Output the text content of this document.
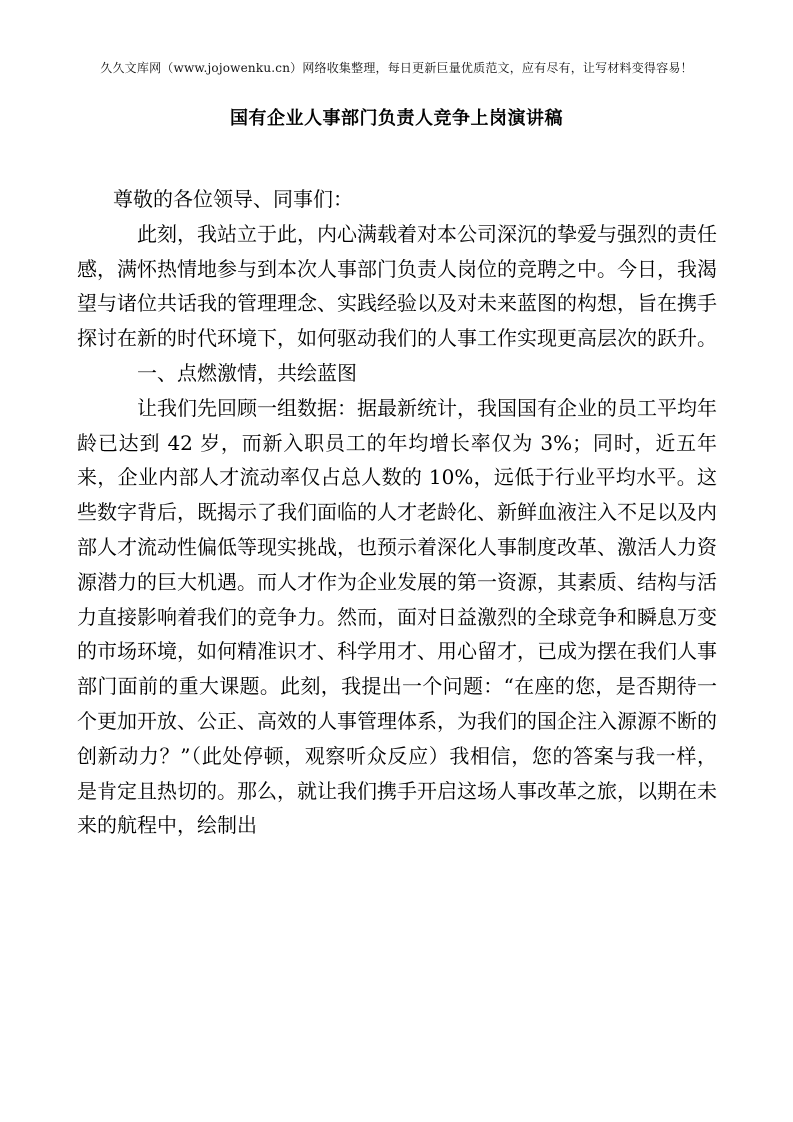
久久文库网（www.jojowenku.cn）网络收集整理，每日更新巨量优质范文，应有尽有，让写材料变得容易！
国有企业人事部门负责人竞争上岗演讲稿

尊敬的各位领导、同事们：

此刻，我站立于此，内心满载着对本公司深沉的挚爱与强烈的责任感，满怀热情地参与到本次人事部门负责人岗位的竞聘之中。今日，我渴望与诸位共话我的管理理念、实践经验以及对未来蓝图的构想，旨在携手探讨在新的时代环境下，如何驱动我们的人事工作实现更高层次的跃升。

一、点燃激情，共绘蓝图

让我们先回顾一组数据：据最新统计，我国国有企业的员工平均年龄已达到 42 岁，而新入职员工的年均增长率仅为 3%；同时，近五年来，企业内部人才流动率仅占总人数的 10%，远低于行业平均水平。这些数字背后，既揭示了我们面临的人才老龄化、新鲜血液注入不足以及内部人才流动性偏低等现实挑战，也预示着深化人事制度改革、激活人力资源潜力的巨大机遇。而人才作为企业发展的第一资源，其素质、结构与活力直接影响着我们的竞争力。然而，面对日益激烈的全球竞争和瞬息万变的市场环境，如何精准识才、科学用才、用心留才，已成为摆在我们人事部门面前的重大课题。此刻，我提出一个问题：“在座的您，是否期待一个更加开放、公正、高效的人事管理体系，为我们的国企注入源源不断的创新动力？”（此处停顿，观察听众反应）我相信，您的答案与我一样，是肯定且热切的。那么，就让我们携手开启这场人事改革之旅，以期在未来的航程中，绘制出
